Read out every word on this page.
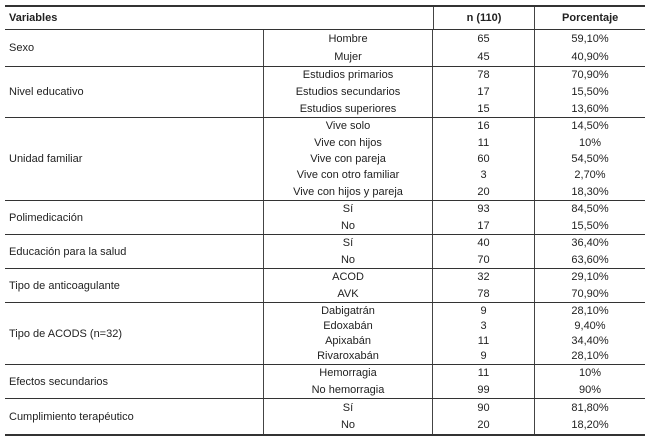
Variables	n (110)	Porcentaje
Sexo
Hombre	65	59,10%
Mujer	45	40,90%
Nivel educativo
Estudios primarios	78	70,90%
Estudios secundarios	17	15,50%
Estudios superiores	15	13,60%
Unidad familiar
Vive solo	16	14,50%
Vive con hijos	11	10%
Vive con pareja	60	54,50%
Vive con otro familiar	3	2,70%
Vive con hijos y pareja	20	18,30%
Polimedicación
Sí	93	84,50%
No	17	15,50%
Educación para la salud
Sí	40	36,40%
No	70	63,60%
Tipo de anticoagulante
ACOD	32	29,10%
AVK	78	70,90%
Tipo de ACODS (n=32)
Dabigatrán	9	28,10%
Edoxabán	3	9,40%
Apixabán	11	34,40%
Rivaroxabán	9	28,10%
Efectos secundarios
Hemorragia	11	10%
No hemorragia	99	90%
Cumplimiento terapéutico
Sí	90	81,80%
No	20	18,20%
